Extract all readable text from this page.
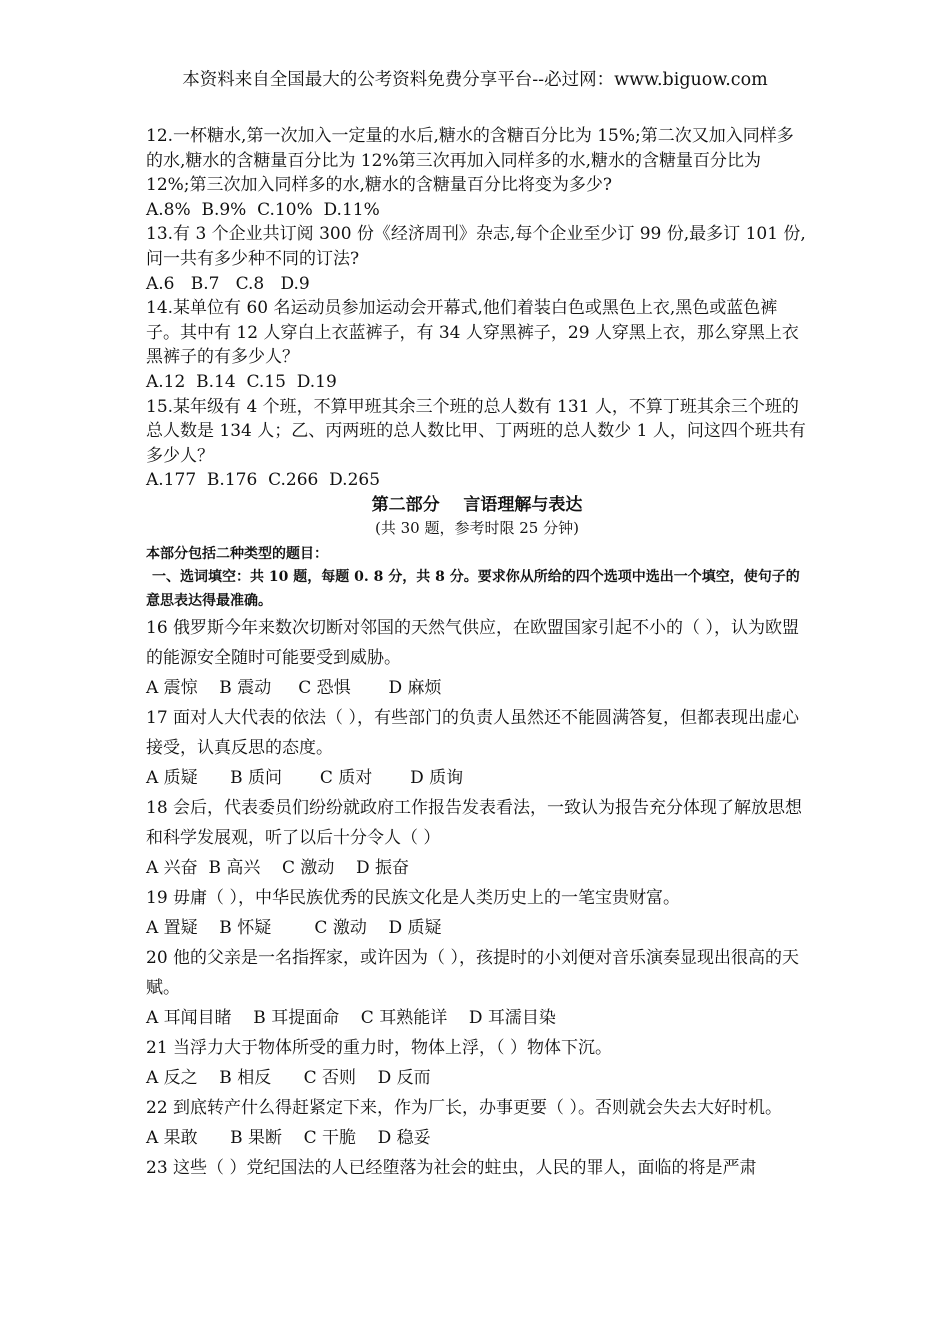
本资料来自全国最大的公考资料免费分享平台--必过网：www.biguow.com

12.一杯糖水,第一次加入一定量的水后,糖水的含糖百分比为 15%;第二次又加入同样多的水,糖水的含糖量百分比为 12%第三次再加入同样多的水,糖水的含糖量百分比为 12%;第三次加入同样多的水,糖水的含糖量百分比将变为多少?

A.8%  B.9%  C.10%  D.11%

13.有 3 个企业共订阅 300 份《经济周刊》杂志,每个企业至少订 99 份,最多订 101 份,问一共有多少种不同的订法?

A.6   B.7   C.8   D.9

14.某单位有 60 名运动员参加运动会开幕式,他们着装白色或黑色上衣,黑色或蓝色裤子。其中有 12 人穿白上衣蓝裤子，有 34 人穿黑裤子，29 人穿黑上衣，那么穿黑上衣黑裤子的有多少人？

A.12  B.14  C.15  D.19

15.某年级有 4 个班，不算甲班其余三个班的总人数有 131 人，不算丁班其余三个班的总人数是 134 人；乙、丙两班的总人数比甲、丁两班的总人数少 1 人，问这四个班共有多少人？

A.177  B.176  C.266  D.265

第二部分    言语理解与表达

(共 30 题，参考时限 25 分钟)

本部分包括二种类型的题目：

一、选词填空：共 10 题，每题 0. 8 分，共 8 分。要求你从所给的四个选项中选出一个填空，使句子的意思表达得最准确。

16 俄罗斯今年来数次切断对邻国的天然气供应，在欧盟国家引起不小的（ ），认为欧盟的能源安全随时可能要受到威胁。

A 震惊    B 震动     C 恐惧       D 麻烦

17 面对人大代表的依法（ ），有些部门的负责人虽然还不能圆满答复，但都表现出虚心接受，认真反思的态度。

A 质疑      B 质问       C 质对       D 质询

18 会后，代表委员们纷纷就政府工作报告发表看法，一致认为报告充分体现了解放思想和科学发展观，听了以后十分令人（ ）

A 兴奋  B 高兴    C 激动    D 振奋

19 毋庸（ ），中华民族优秀的民族文化是人类历史上的一笔宝贵财富。

A 置疑    B 怀疑        C 激动    D 质疑

20 他的父亲是一名指挥家，或许因为（ ），孩提时的小刘便对音乐演奏显现出很高的天赋。

A 耳闻目睹    B 耳提面命    C 耳熟能详    D 耳濡目染

21 当浮力大于物体所受的重力时，物体上浮，（ ）物体下沉。

A 反之    B 相反      C 否则    D 反而

22 到底转产什么得赶紧定下来，作为厂长，办事更要（ ）。否则就会失去大好时机。

A 果敢      B 果断    C 干脆    D 稳妥

23 这些（ ）党纪国法的人已经堕落为社会的蛀虫，人民的罪人，面临的将是严肃
